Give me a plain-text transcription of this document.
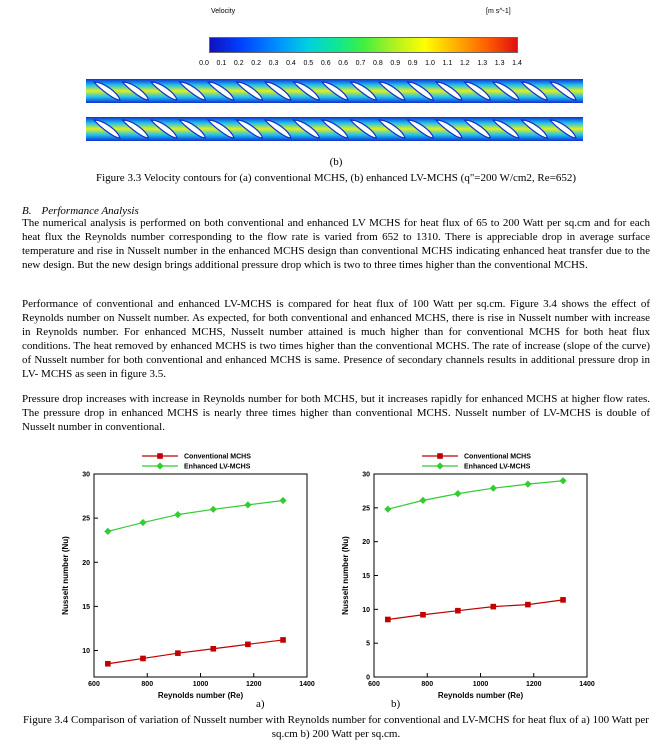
Velocity	[m s^-1]
0.0 0.1 0.2 0.2 0.3 0.4 0.5 0.6 0.6 0.7 0.8 0.9 0.9 1.0 1.1 1.2 1.3 1.3 1.4
(b)
Figure 3.3 Velocity contours for (a) conventional MCHS, (b) enhanced LV-MCHS (q"=200 W/cm2, Re=652)
B. Performance Analysis
The numerical analysis is performed on both conventional and enhanced LV MCHS for heat flux of 65 to 200 Watt per sq.cm and for each heat flux the Reynolds number corresponding to the flow rate is varied from 652 to 1310. There is appreciable drop in average surface temperature and rise in Nusselt number in the enhanced MCHS design than conventional MCHS indicating enhanced heat transfer due to the new design. But the new design brings additional pressure drop which is two to three times higher than the conventional MCHS.
Performance of conventional and enhanced LV-MCHS is compared for heat flux of 100 Watt per sq.cm. Figure 3.4 shows the effect of Reynolds number on Nusselt number. As expected, for both conventional and enhanced MCHS, there is rise in Nusselt number with increase in Reynolds number. For enhanced MCHS, Nusselt number attained is much higher than for conventional MCHS for both heat flux conditions. The heat removed by enhanced MCHS is two times higher than the conventional MCHS. The rate of increase (slope of the curve) of Nusselt number for both conventional and enhanced MCHS is same. Presence of secondary channels results in additional pressure drop in LV- MCHS as seen in figure 3.5.
Pressure drop increases with increase in Reynolds number for both MCHS, but it increases rapidly for enhanced MCHS at higher flow rates. The pressure drop in enhanced MCHS is nearly three times higher than conventional MCHS. Nusselt number of LV-MCHS is double of Nusselt number in conventional.
600	800	1000	1200	1400
10
15
20
25
30
Reynolds number (Re)
Nusselt number (Nu)
Conventional MCHS
Enhanced LV-MCHS
600	800	1000	1200	1400
0
5
10
15
20
25
30
Reynolds number (Re)
Nusselt number (Nu)
Conventional MCHS
Enhanced LV-MCHS
a)	b)
Figure 3.4 Comparison of variation of Nusselt number with Reynolds number for conventional and LV-MCHS for heat flux of a) 100 Watt per sq.cm b) 200 Watt per sq.cm.
